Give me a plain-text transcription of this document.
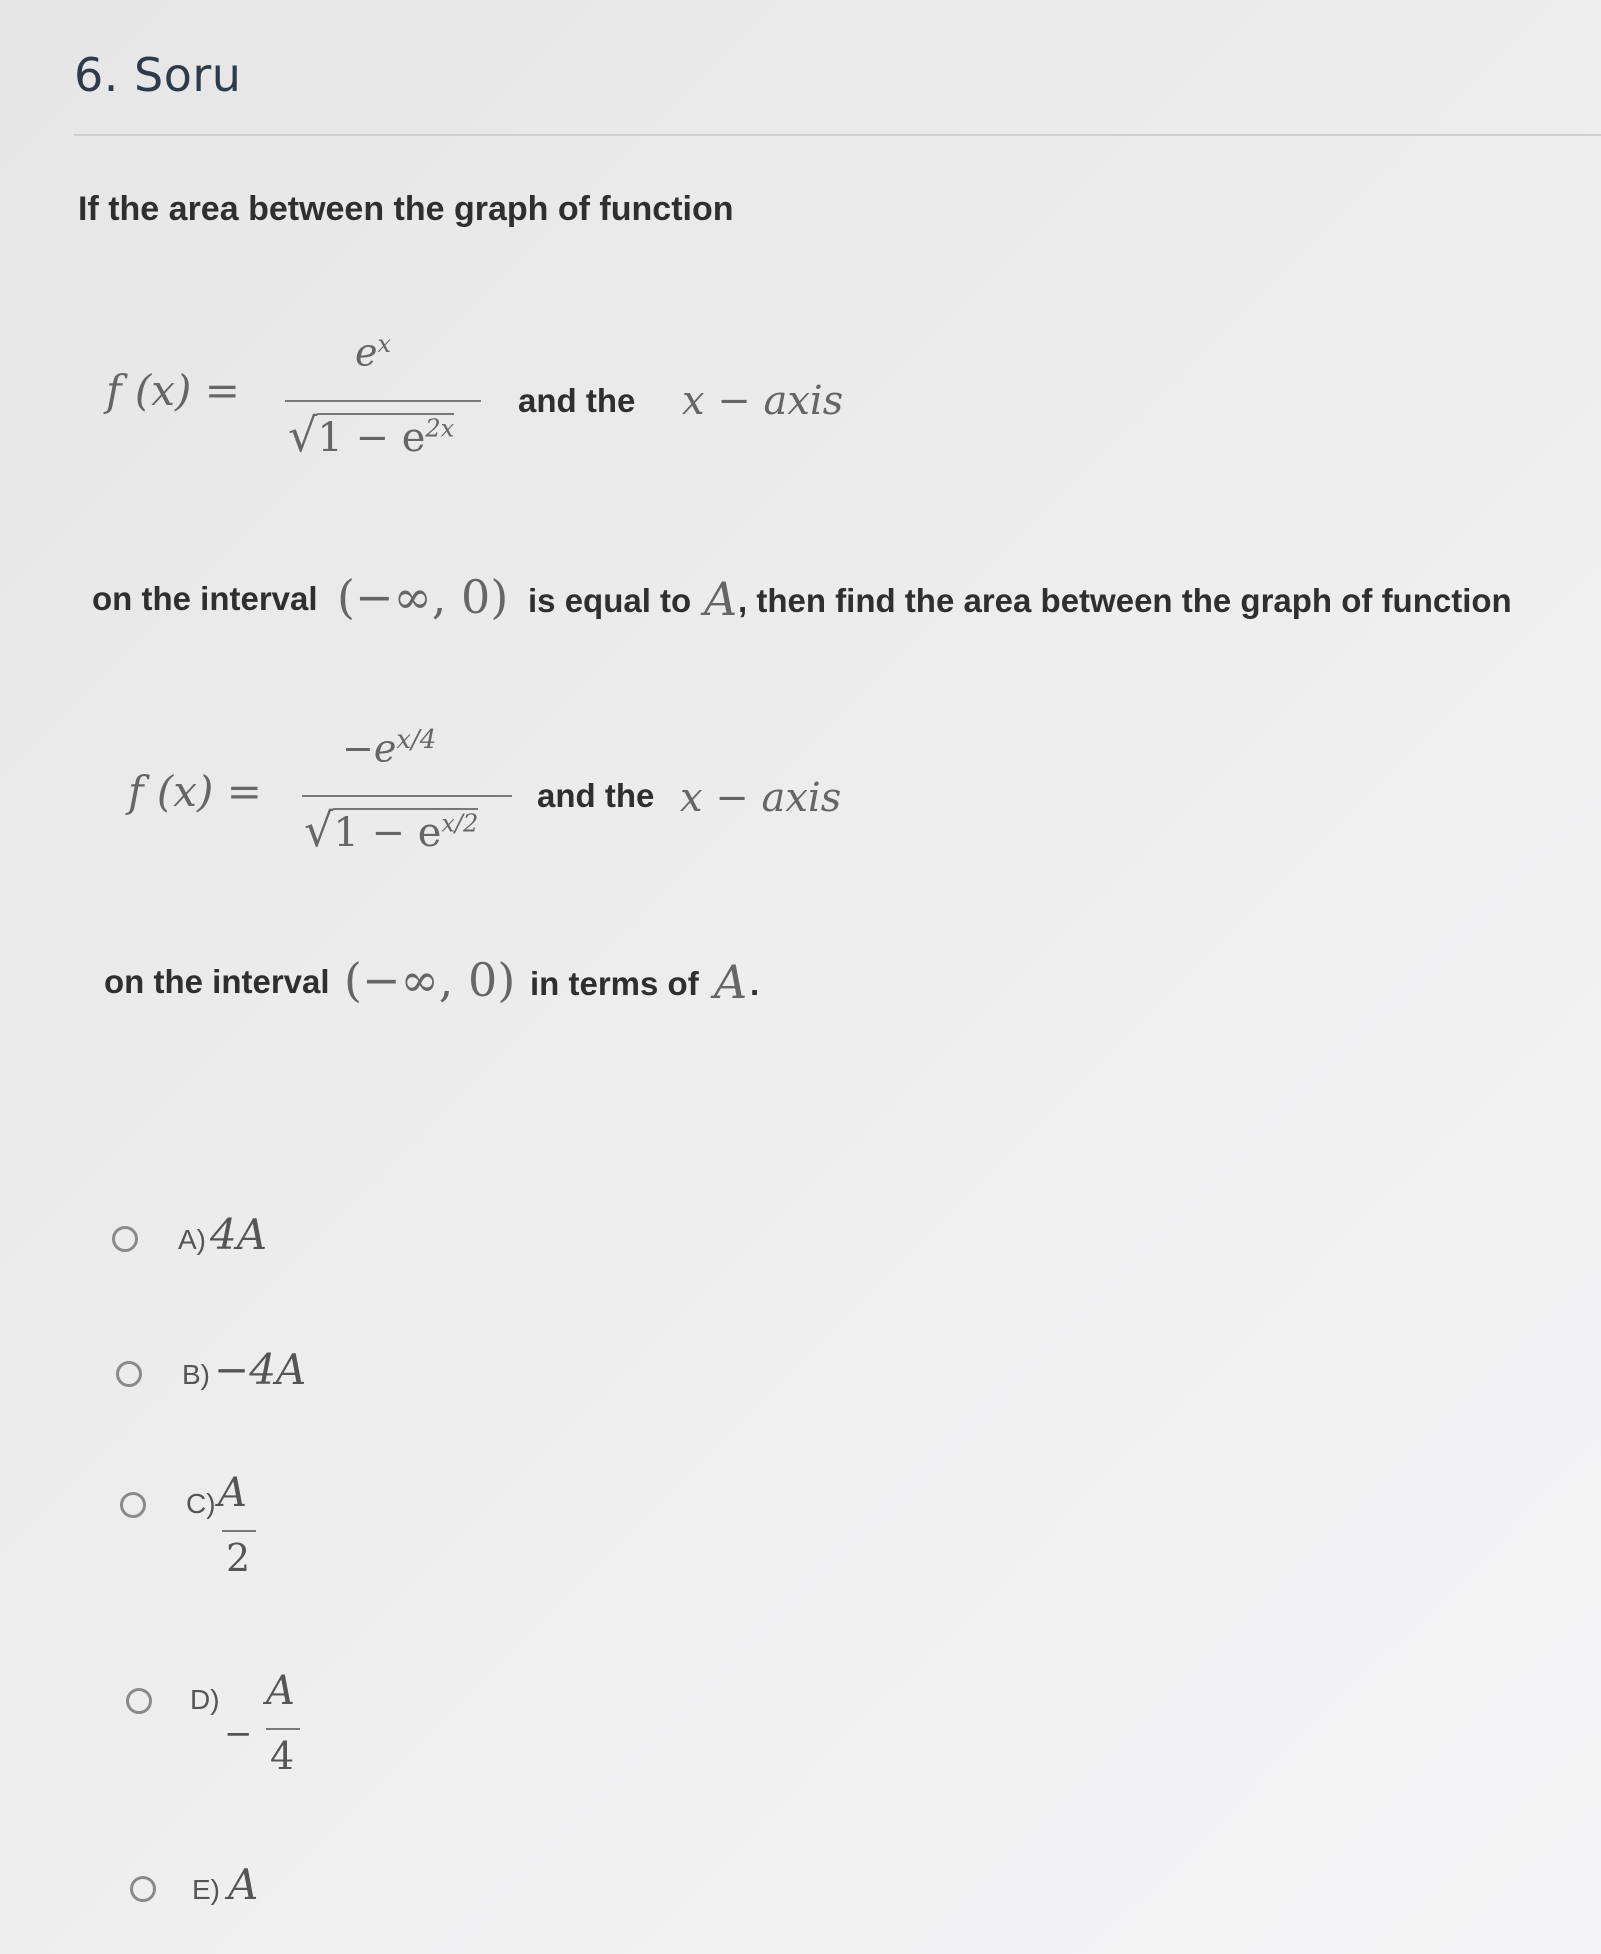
6. Soru
If the area between the graph of function
f (x) =
$e^x$
$√1 - e^{2x}$
and the x − axis
on the interval (−∞, 0) is equal to A , then find the area between the graph of function
f (x) =
$-e^{x/4}$
$√1 - e^{x/2}$
and the x − axis
on the interval (−∞, 0) in terms of A .
A) 4A
B) −4A
C) A
2
D)
−
A
4
E) A
